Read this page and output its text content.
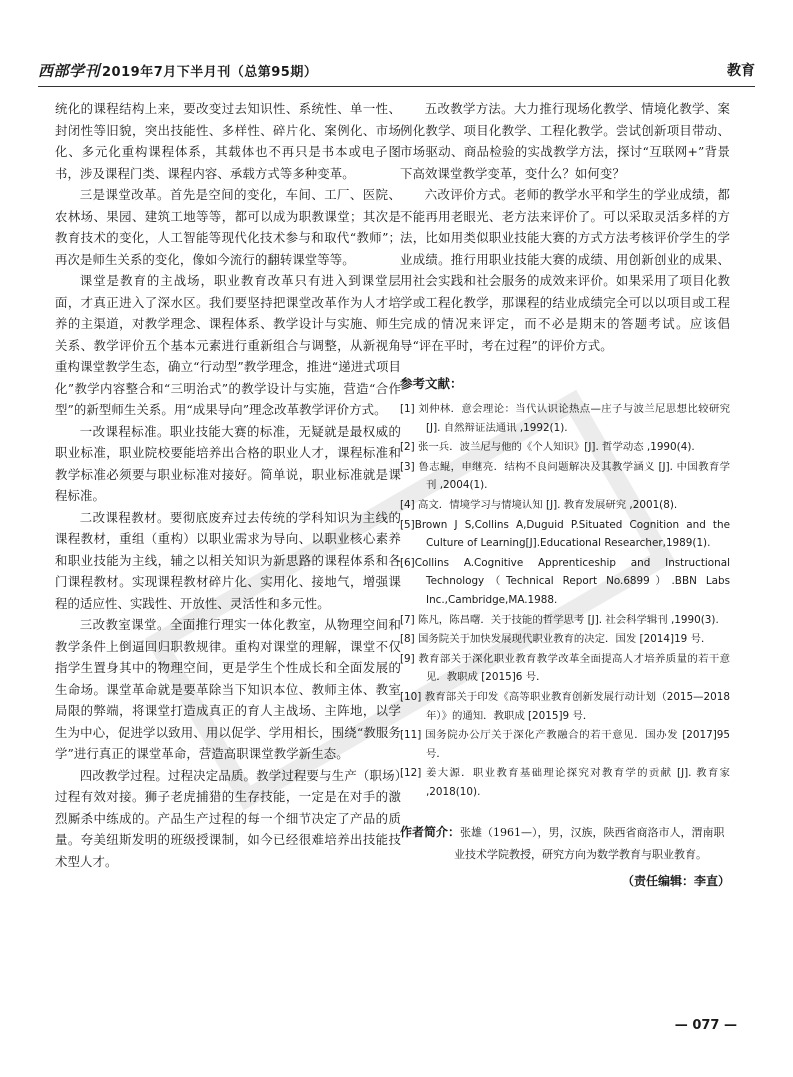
西部学刊 2019年7月下半月刊（总第95期）	教育

统化的课程结构上来，要改变过去知识性、系统性、单一性、封闭性等旧貌，突出技能性、多样性、碎片化、案例化、市场化、多元化重构课程体系，其载体也不再只是书本或电子图书，涉及课程门类、课程内容、承载方式等多种变革。

三是课堂改革。首先是空间的变化，车间、工厂、医院、农林场、果园、建筑工地等等，都可以成为职教课堂；其次是教育技术的变化，人工智能等现代化技术参与和取代“教师”；再次是师生关系的变化，像如今流行的翻转课堂等等。

课堂是教育的主战场，职业教育改革只有进入到课堂层面，才真正进入了深水区。我们要坚持把课堂改革作为人才培养的主渠道，对教学理念、课程体系、教学设计与实施、师生关系、教学评价五个基本元素进行重新组合与调整，从新视角重构课堂教学生态，确立“行动型”教学理念，推进“递进式项目化”教学内容整合和“三明治式”的教学设计与实施，营造“合作型”的新型师生关系。用“成果导向”理念改革教学评价方式。

一改课程标准。职业技能大赛的标准，无疑就是最权威的职业标准，职业院校要能培养出合格的职业人才，课程标准和教学标准必须要与职业标准对接好。简单说，职业标准就是课程标准。

二改课程教材。要彻底废弃过去传统的学科知识为主线的课程教材，重组（重构）以职业需求为导向、以职业核心素养和职业技能为主线，辅之以相关知识为新思路的课程体系和各门课程教材。实现课程教材碎片化、实用化、接地气，增强课程的适应性、实践性、开放性、灵活性和多元性。

三改教室课堂。全面推行理实一体化教室，从物理空间和教学条件上倒逼回归职教规律。重构对课堂的理解，课堂不仅指学生置身其中的物理空间，更是学生个性成长和全面发展的生命场。课堂革命就是要革除当下知识本位、教师主体、教室局限的弊端，将课堂打造成真正的育人主战场、主阵地，以学生为中心，促进学以致用、用以促学、学用相长，围绕“教服务学”进行真正的课堂革命，营造高职课堂教学新生态。

四改教学过程。过程决定品质。教学过程要与生产（职场）过程有效对接。狮子老虎捕猎的生存技能，一定是在对手的激烈厮杀中练成的。产品生产过程的每一个细节决定了产品的质量。夸美纽斯发明的班级授课制，如今已经很难培养出技能技术型人才。

五改教学方法。大力推行现场化教学、情境化教学、案例化教学、项目化教学、工程化教学。尝试创新项目带动、市场驱动、商品检验的实战教学方法，探讨“互联网+”背景下高效课堂教学变革，变什么？如何变？

六改评价方式。老师的教学水平和学生的学业成绩，都不能再用老眼光、老方法来评价了。可以采取灵活多样的方法，比如用类似职业技能大赛的方式方法考核评价学生的学业成绩。推行用职业技能大赛的成绩、用创新创业的成果、用社会实践和社会服务的成效来评价。如果采用了项目化教学或工程化教学，那课程的结业成绩完全可以以项目或工程完成的情况来评定，而不必是期末的答题考试。应该倡导“评在平时，考在过程”的评价方式。

参考文献：

[1] 刘仲林．意会理论：当代认识论热点—庄子与波兰尼思想比较研究 [J]. 自然辩证法通讯 ,1992(1).

[2] 张一兵．波兰尼与他的《个人知识》[J]. 哲学动态 ,1990(4).

[3] 鲁志鲲，申继亮．结构不良问题解决及其教学涵义 [J]. 中国教育学刊 ,2004(1).

[4] 高文．情境学习与情境认知 [J]. 教育发展研究 ,2001(8).

[5]Brown J S,Collins A,Duguid P.Situated Cognition and the Culture of Learning[J].Educational Researcher,1989(1).

[6]Collins A.Cognitive Apprenticeship and Instructional Technology（Technical Report No.6899）.BBN Labs Inc.,Cambridge,MA.1988.

[7] 陈凡，陈昌曙．关于技能的哲学思考 [J]. 社会科学辑刊 ,1990(3).

[8] 国务院关于加快发展现代职业教育的决定．国发 [2014]19 号．

[9] 教育部关于深化职业教育教学改革全面提高人才培养质量的若干意见．教职成 [2015]6 号．

[10] 教育部关于印发《高等职业教育创新发展行动计划（2015—2018 年）》的通知．教职成 [2015]9 号．

[11] 国务院办公厅关于深化产教融合的若干意见．国办发 [2017]95 号．

[12] 姜大源．职业教育基础理论探究对教育学的贡献 [J]. 教育家 ,2018(10).

作者简介：张雄（1961—），男，汉族，陕西省商洛市人，渭南职业技术学院教授，研究方向为数学教育与职业教育。
（责任编辑：李直）
— 077 —
